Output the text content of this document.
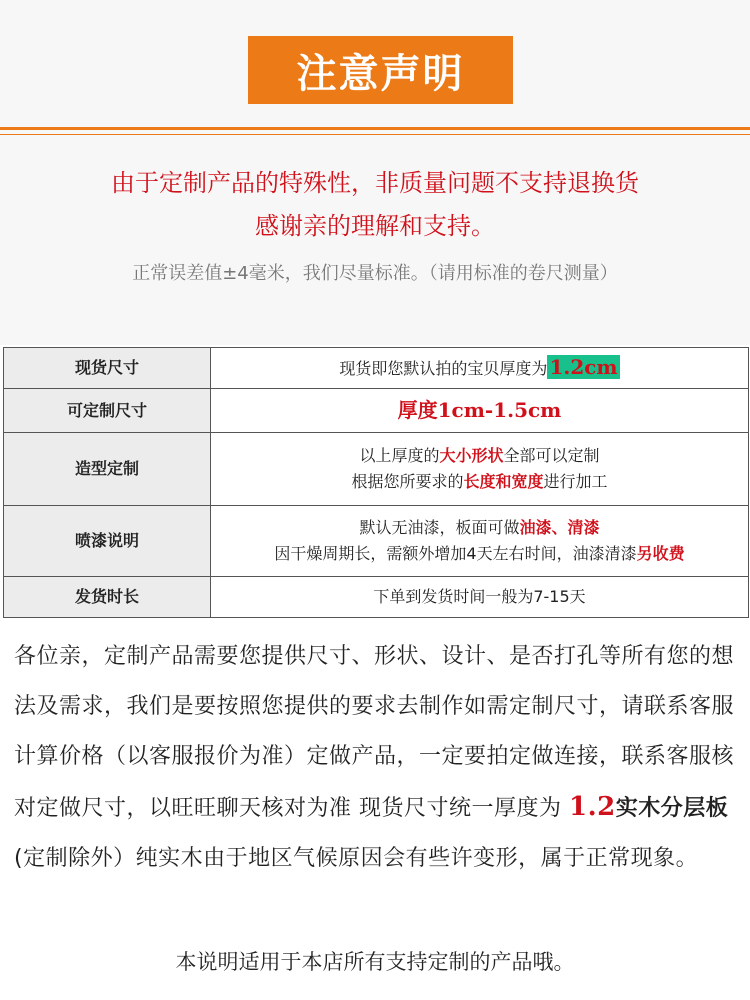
注意声明
由于定制产品的特殊性，非质量问题不支持退换货
感谢亲的理解和支持。
正常误差值±4毫米，我们尽量标准。（请用标准的卷尺测量）
现货尺寸	现货即您默认拍的宝贝厚度为 1.2cm
可定制尺寸	厚度1cm-1.5cm
造型定制	以上厚度的大小形状全部可以定制
根据您所要求的长度和宽度进行加工

喷漆说明	默认无油漆，板面可做油漆、清漆
因干燥周期长，需额外增加4天左右时间，油漆清漆另收费

发货时长	下单到发货时间一般为7-15天
各位亲，定制产品需要您提供尺寸、形状、设计、是否打孔等所有您的想法及需求，我们是要按照您提供的要求去制作如需定制尺寸，请联系客服计算价格（以客服报价为准）定做产品，一定要拍定做连接，联系客服核对定做尺寸，以旺旺聊天核对为准 现货尺寸统一厚度为 1.2实木分层板(定制除外）纯实木由于地区气候原因会有些许变形，属于正常现象。
本说明适用于本店所有支持定制的产品哦。
